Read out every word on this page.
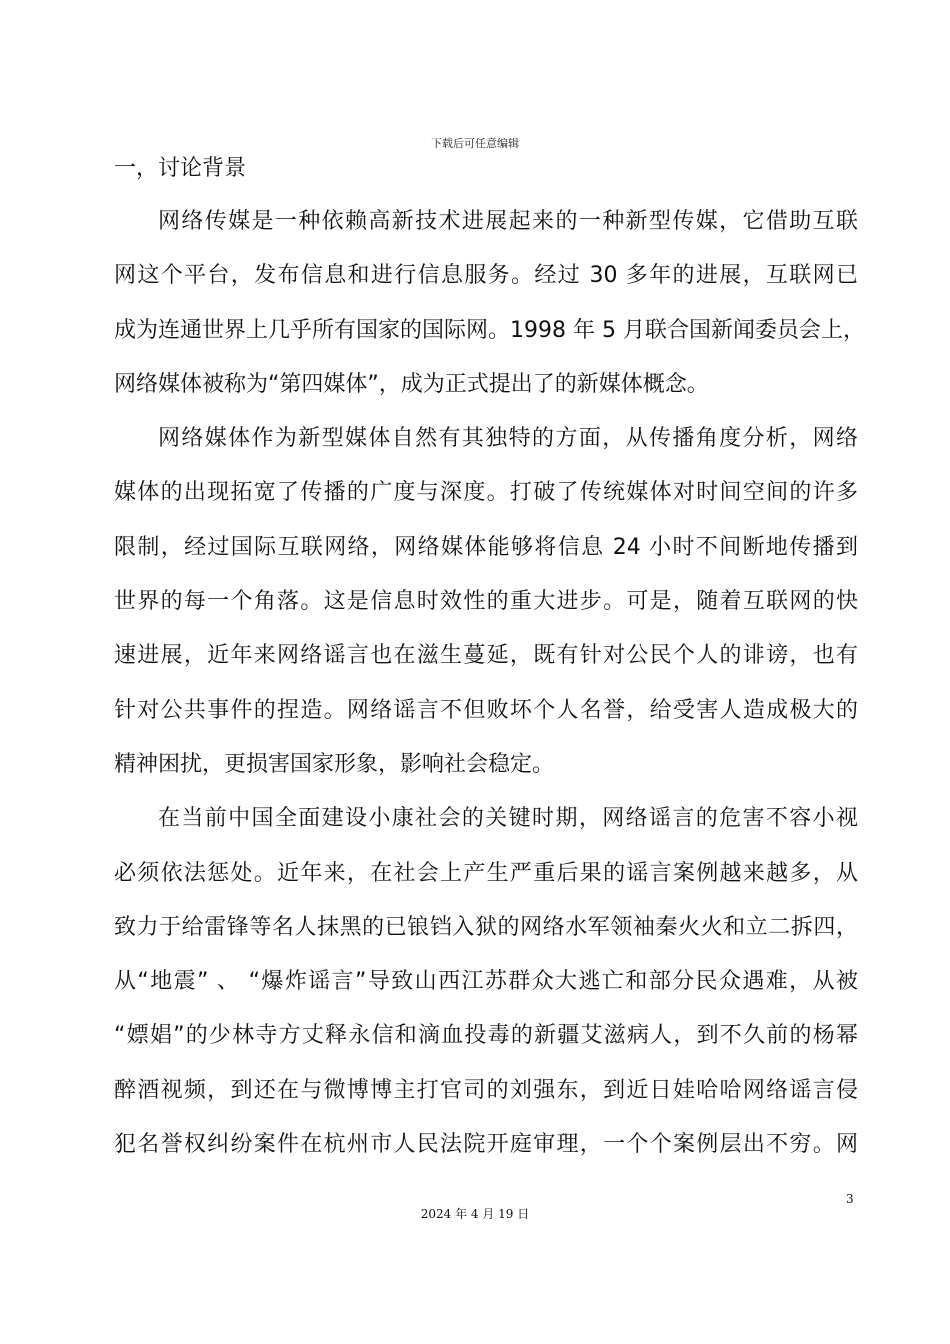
下载后可任意编辑
一，讨论背景
网络传媒是一种依赖高新技术进展起来的一种新型传媒，它借助互联
网这个平台，发布信息和进行信息服务。经过 30 多年的进展，互联网已
成为连通世界上几乎所有国家的国际网。1998 年 5 月联合国新闻委员会上，
网络媒体被称为“第四媒体”，成为正式提出了的新媒体概念。
网络媒体作为新型媒体自然有其独特的方面，从传播角度分析，网络
媒体的出现拓宽了传播的广度与深度。打破了传统媒体对时间空间的许多
限制，经过国际互联网络，网络媒体能够将信息 24 小时不间断地传播到
世界的每一个角落。这是信息时效性的重大进步。可是，随着互联网的快
速进展，近年来网络谣言也在滋生蔓延，既有针对公民个人的诽谤，也有
针对公共事件的捏造。网络谣言不但败坏个人名誉，给受害人造成极大的
精神困扰，更损害国家形象，影响社会稳定。
在当前中国全面建设小康社会的关键时期，网络谣言的危害不容小视
必须依法惩处。近年来，在社会上产生严重后果的谣言案例越来越多，从
致力于给雷锋等名人抹黑的已锒铛入狱的网络水军领袖秦火火和立二拆四，
从“地震” 、 “爆炸谣言”导致山西江苏群众大逃亡和部分民众遇难，从被
“嫖娼”的少林寺方丈释永信和滴血投毒的新疆艾滋病人，到不久前的杨幂
醉酒视频，到还在与微博博主打官司的刘强东，到近日娃哈哈网络谣言侵
犯名誉权纠纷案件在杭州市人民法院开庭审理，一个个案例层出不穷。网
3
2024 年 4 月 19 日
